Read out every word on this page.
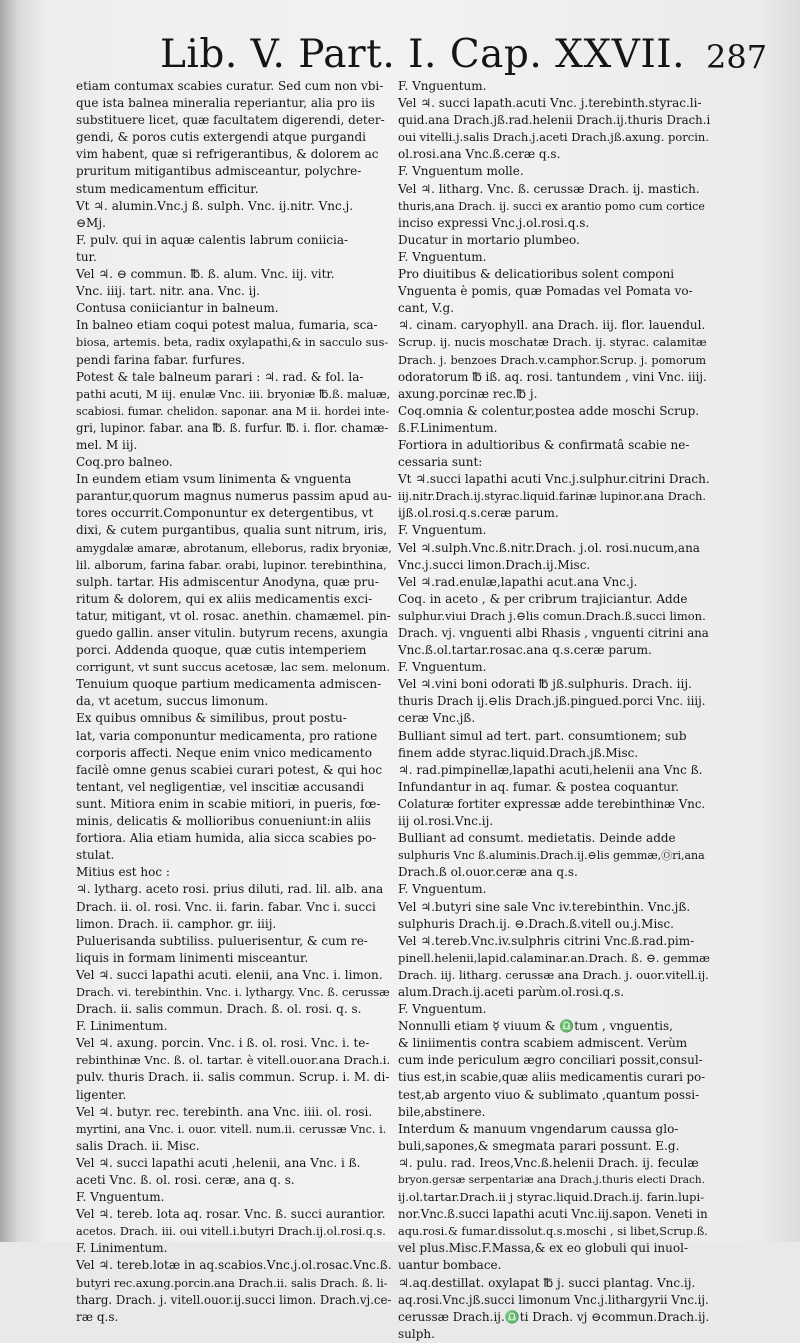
Lib. V. Part. I. Cap. XXVII. 287
etiam contumax scabies curatur. Sed cum non vbi-
que ista balnea mineralia reperiantur, alia pro iis
substituere licet, quæ facultatem digerendi, deter-
gendi, & poros cutis extergendi atque purgandi
vim habent, quæ si refrigerantibus, & dolorem ac
pruritum mitigantibus admisceantur, polychre-
stum medicamentum efficitur.
Vt ♃. alumin.Vnc.j ß. sulph. Vnc. ij.nitr. Vnc.j.
⊖Mj.
F. pulv. qui in aquæ calentis labrum coniicia-
tur.
Vel ♃. ⊖ commun. ℔. ß. alum. Vnc. iij. vitr.
Vnc. iiij. tart. nitr. ana. Vnc. ij.
Contusa coniiciantur in balneum.
In balneo etiam coqui potest malua, fumaria, sca-
biosa, artemis. beta, radix oxylapathi,& in sacculo sus-
pendi farina fabar. furfures.
Potest & tale balneum parari : ♃. rad. & fol. la-
pathi acuti, M iij. enulæ Vnc. iii. bryoniæ ℔.ß. maluæ,
scabiosi. fumar. chelidon. saponar. ana M ii. hordei inte-
gri, lupinor. fabar. ana ℔. ß. furfur. ℔. i. flor. chamæ-
mel. M iij.
Coq.pro balneo.
In eundem etiam vsum linimenta & vnguenta
parantur,quorum magnus numerus passim apud au-
tores occurrit.Componuntur ex detergentibus, vt
dixi, & cutem purgantibus, qualia sunt nitrum, iris,
amygdalæ amaræ, abrotanum, elleborus, radix bryoniæ,
lil. alborum, farina fabar. orabi, lupinor. terebinthina,
sulph. tartar. His admiscentur Anodyna, quæ pru-
ritum & dolorem, qui ex aliis medicamentis exci-
tatur, mitigant, vt ol. rosac. anethin. chamæmel. pin-
guedo gallin. anser vitulin. butyrum recens, axungia
porci. Addenda quoque, quæ cutis intemperiem
corrigunt, vt sunt succus acetosæ, lac sem. melonum.
Tenuium quoque partium medicamenta admiscen-
da, vt acetum, succus limonum.
Ex quibus omnibus & similibus, prout postu-
lat, varia componuntur medicamenta, pro ratione
corporis affecti. Neque enim vnico medicamento
facilè omne genus scabiei curari potest, & qui hoc
tentant, vel negligentiæ, vel inscitiæ accusandi
sunt. Mitiora enim in scabie mitiori, in pueris, fœ-
minis, delicatis & mollioribus conueniunt:in aliis
fortiora. Alia etiam humida, alia sicca scabies po-
stulat.
Mitius est hoc :
♃. lytharg. aceto rosi. prius diluti, rad. lil. alb. ana
Drach. ii. ol. rosi. Vnc. ii. farin. fabar. Vnc i. succi
limon. Drach. ii. camphor. gr. iiij.
Puluerisanda subtiliss. puluerisentur, & cum re-
liquis in formam linimenti misceantur.
Vel ♃. succi lapathi acuti. elenii, ana Vnc. i. limon.
Drach. vi. terebinthin. Vnc. i. lythargy. Vnc. ß. cerussæ
Drach. ii. salis commun. Drach. ß. ol. rosi. q. s.
F. Linimentum.
Vel ♃. axung. porcin. Vnc. i ß. ol. rosi. Vnc. i. te-
rebinthinæ Vnc. ß. ol. tartar. è vitell.ouor.ana Drach.i.
pulv. thuris Drach. ii. salis commun. Scrup. i. M. di-
ligenter.
Vel ♃. butyr. rec. terebinth. ana Vnc. iiii. ol. rosi.
myrtini, ana Vnc. i. ouor. vitell. num.ii. cerussæ Vnc. i.
salis Drach. ii. Misc.
Vel ♃. succi lapathi acuti ,helenii, ana Vnc. i ß.
aceti Vnc. ß. ol. rosi. ceræ, ana q. s.
F. Vnguentum.
Vel ♃. tereb. lota aq. rosar. Vnc. ß. succi aurantior.
acetos. Drach. iii. oui vitell.i.butyri Drach.ij.ol.rosi.q.s.
F. Linimentum.
Vel ♃. tereb.lotæ in aq.scabios.Vnc.j.ol.rosac.Vnc.ß.
butyri rec.axung.porcin.ana Drach.ii. salis Drach. ß. li-
tharg. Drach. j. vitell.ouor.ij.succi limon. Drach.vj.ce-
ræ q.s.
F. Vnguentum.
Vel ♃. succi lapath.acuti Vnc. j.terebinth.styrac.li-
quid.ana Drach.jß.rad.helenii Drach.ij.thuris Drach.i
oui vitelli.j.salis Drach.j.aceti Drach.jß.axung. porcin.
ol.rosi.ana Vnc.ß.ceræ q.s.
F. Vnguentum molle.
Vel ♃. litharg. Vnc. ß. cerussæ Drach. ij. mastich.
thuris,ana Drach. ij. succi ex arantio pomo cum cortice
inciso expressi Vnc.j.ol.rosi.q.s.
Ducatur in mortario plumbeo.
F. Vnguentum.
Pro diuitibus & delicatioribus solent componi
Vnguenta è pomis, quæ Pomadas vel Pomata vo-
cant, V.g.
♃. cinam. caryophyll. ana Drach. iij. flor. lauendul.
Scrup. ij. nucis moschatæ Drach. ij. styrac. calamitæ
Drach. j. benzoes Drach.v.camphor.Scrup. j. pomorum
odoratorum ℔ iß. aq. rosi. tantundem , vini Vnc. iiij.
axung.porcinæ rec.℔ j.
Coq.omnia & colentur,postea adde moschi Scrup.
ß.F.Linimentum.
Fortiora in adultioribus & confirmatâ scabie ne-
cessaria sunt:
Vt ♃.succi lapathi acuti Vnc.j.sulphur.citrini Drach.
iij.nitr.Drach.ij.styrac.liquid.farinæ lupinor.ana Drach.
ijß.ol.rosi.q.s.ceræ parum.
F. Vnguentum.
Vel ♃.sulph.Vnc.ß.nitr.Drach. j.ol. rosi.nucum,ana
Vnc.j.succi limon.Drach.ij.Misc.
Vel ♃.rad.enulæ,lapathi acut.ana Vnc.j.
Coq. in aceto , & per cribrum trajiciantur. Adde
sulphur.viui Drach j.⊖lis comun.Drach.ß.succi limon.
Drach. vj. vnguenti albi Rhasis , vnguenti citrini ana
Vnc.ß.ol.tartar.rosac.ana q.s.ceræ parum.
F. Vnguentum.
Vel ♃.vini boni odorati ℔ jß.sulphuris. Drach. iij.
thuris Drach ij.⊖lis Drach.jß.pingued.porci Vnc. iiij.
ceræ Vnc.jß.
Bulliant simul ad tert. part. consumtionem; sub
finem adde styrac.liquid.Drach.jß.Misc.
♃. rad.pimpinellæ,lapathi acuti,helenii ana Vnc ß.
Infundantur in aq. fumar. & postea coquantur.
Colaturæ fortiter expressæ adde terebinthinæ Vnc.
iij ol.rosi.Vnc.ij.
Bulliant ad consumt. medietatis. Deinde adde
sulphuris Vnc ß.aluminis.Drach.ij.⊖lis gemmæ,Ⓞri,ana
Drach.ß ol.ouor.ceræ ana q.s.
F. Vnguentum.
Vel ♃.butyri sine sale Vnc iv.terebinthin. Vnc.jß.
sulphuris Drach.ij. ⊖.Drach.ß.vitell ou.j.Misc.
Vel ♃.tereb.Vnc.iv.sulphris citrini Vnc.ß.rad.pim-
pinell.helenii,lapid.calaminar.an.Drach. ß. ⊖. gemmæ
Drach. iij. litharg. cerussæ ana Drach. j. ouor.vitell.ij.
alum.Drach.ij.aceti parùm.ol.rosi.q.s.
F. Vnguentum.
Nonnulli etiam ☿ viuum & ♎tum , vnguentis,
& liniimentis contra scabiem admiscent. Verùm
cum inde periculum ægro conciliari possit,consul-
tius est,in scabie,quæ aliis medicamentis curari po-
test,ab argento viuo & sublimato ,quantum possi-
bile,abstinere.
Interdum & manuum vngendarum caussa glo-
buli,sapones,& smegmata parari possunt. E.g.
♃. pulu. rad. Ireos,Vnc.ß.helenii Drach. ij. feculæ
bryon.gersæ serpentariæ ana Drach.j.thuris electi Drach.
ij.ol.tartar.Drach.ii j styrac.liquid.Drach.ij. farin.lupi-
nor.Vnc.ß.succi lapathi acuti Vnc.iij.sapon. Veneti in
aqu.rosi.& fumar.dissolut.q.s.moschi , si libet,Scrup.ß.
vel plus.Misc.F.Massa,& ex eo globuli qui inuol-
uantur bombace.
♃.aq.destillat. oxylapat ℔ j. succi plantag. Vnc.ij.
aq.rosi.Vnc.jß.succi limonum Vnc.j.lithargyrii Vnc.ij.
cerussæ Drach.ij.♎ti Drach. vj ⊖commun.Drach.ij.
sulph.
